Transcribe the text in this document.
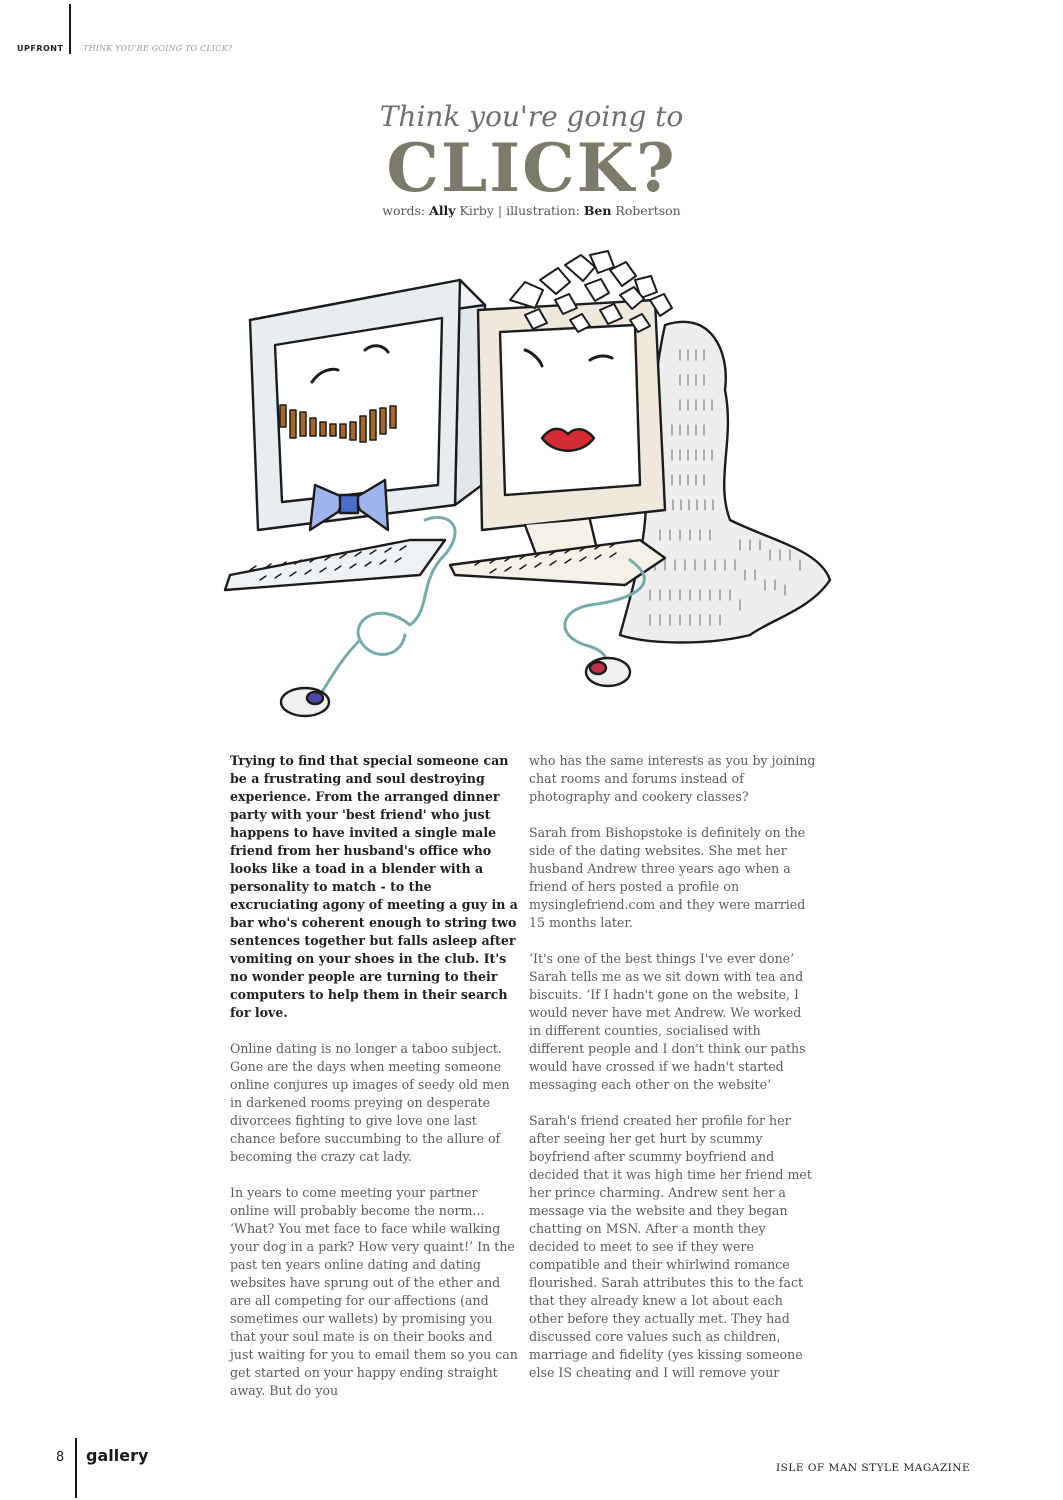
UPFRONT THINK YOU'RE GOING TO CLICK?
Think you're going to
CLICK?
words: Ally Kirby | illustration: Ben Robertson

Trying to find that special someone can be a frustrating and soul destroying experience. From the arranged dinner party with your 'best friend' who just happens to have invited a single male friend from her husband's office who looks like a toad in a blender with a personality to match - to the excruciating agony of meeting a guy in a bar who's coherent enough to string two sentences together but falls asleep after vomiting on your shoes in the club. It's no wonder people are turning to their computers to help them in their search for love.

Online dating is no longer a taboo subject. Gone are the days when meeting someone online conjures up images of seedy old men in darkened rooms preying on desperate divorcees fighting to give love one last chance before succumbing to the allure of becoming the crazy cat lady.

In years to come meeting your partner online will probably become the norm... ‘What? You met face to face while walking your dog in a park? How very quaint!’ In the past ten years online dating and dating websites have sprung out of the ether and are all competing for our affections (and sometimes our wallets) by promising you that your soul mate is on their books and just waiting for you to email them so you can get started on your happy ending straight away. But do you

who has the same interests as you by joining chat rooms and forums instead of photography and cookery classes?

Sarah from Bishopstoke is definitely on the side of the dating websites. She met her husband Andrew three years ago when a friend of hers posted a profile on mysinglefriend.com and they were married 15 months later.

‘It's one of the best things I've ever done’ Sarah tells me as we sit down with tea and biscuits. ‘If I hadn't gone on the website, I would never have met Andrew. We worked in different counties, socialised with different people and I don't think our paths would have crossed if we hadn't started messaging each other on the website’

Sarah's friend created her profile for her after seeing her get hurt by scummy boyfriend after scummy boyfriend and decided that it was high time her friend met her prince charming. Andrew sent her a message via the website and they began chatting on MSN. After a month they decided to meet to see if they were compatible and their whirlwind romance flourished. Sarah attributes this to the fact that they already knew a lot about each other before they actually met. They had discussed core values such as children, marriage and fidelity (yes kissing someone else IS cheating and I will remove your

8 gallery
ISLE OF MAN STYLE MAGAZINE
